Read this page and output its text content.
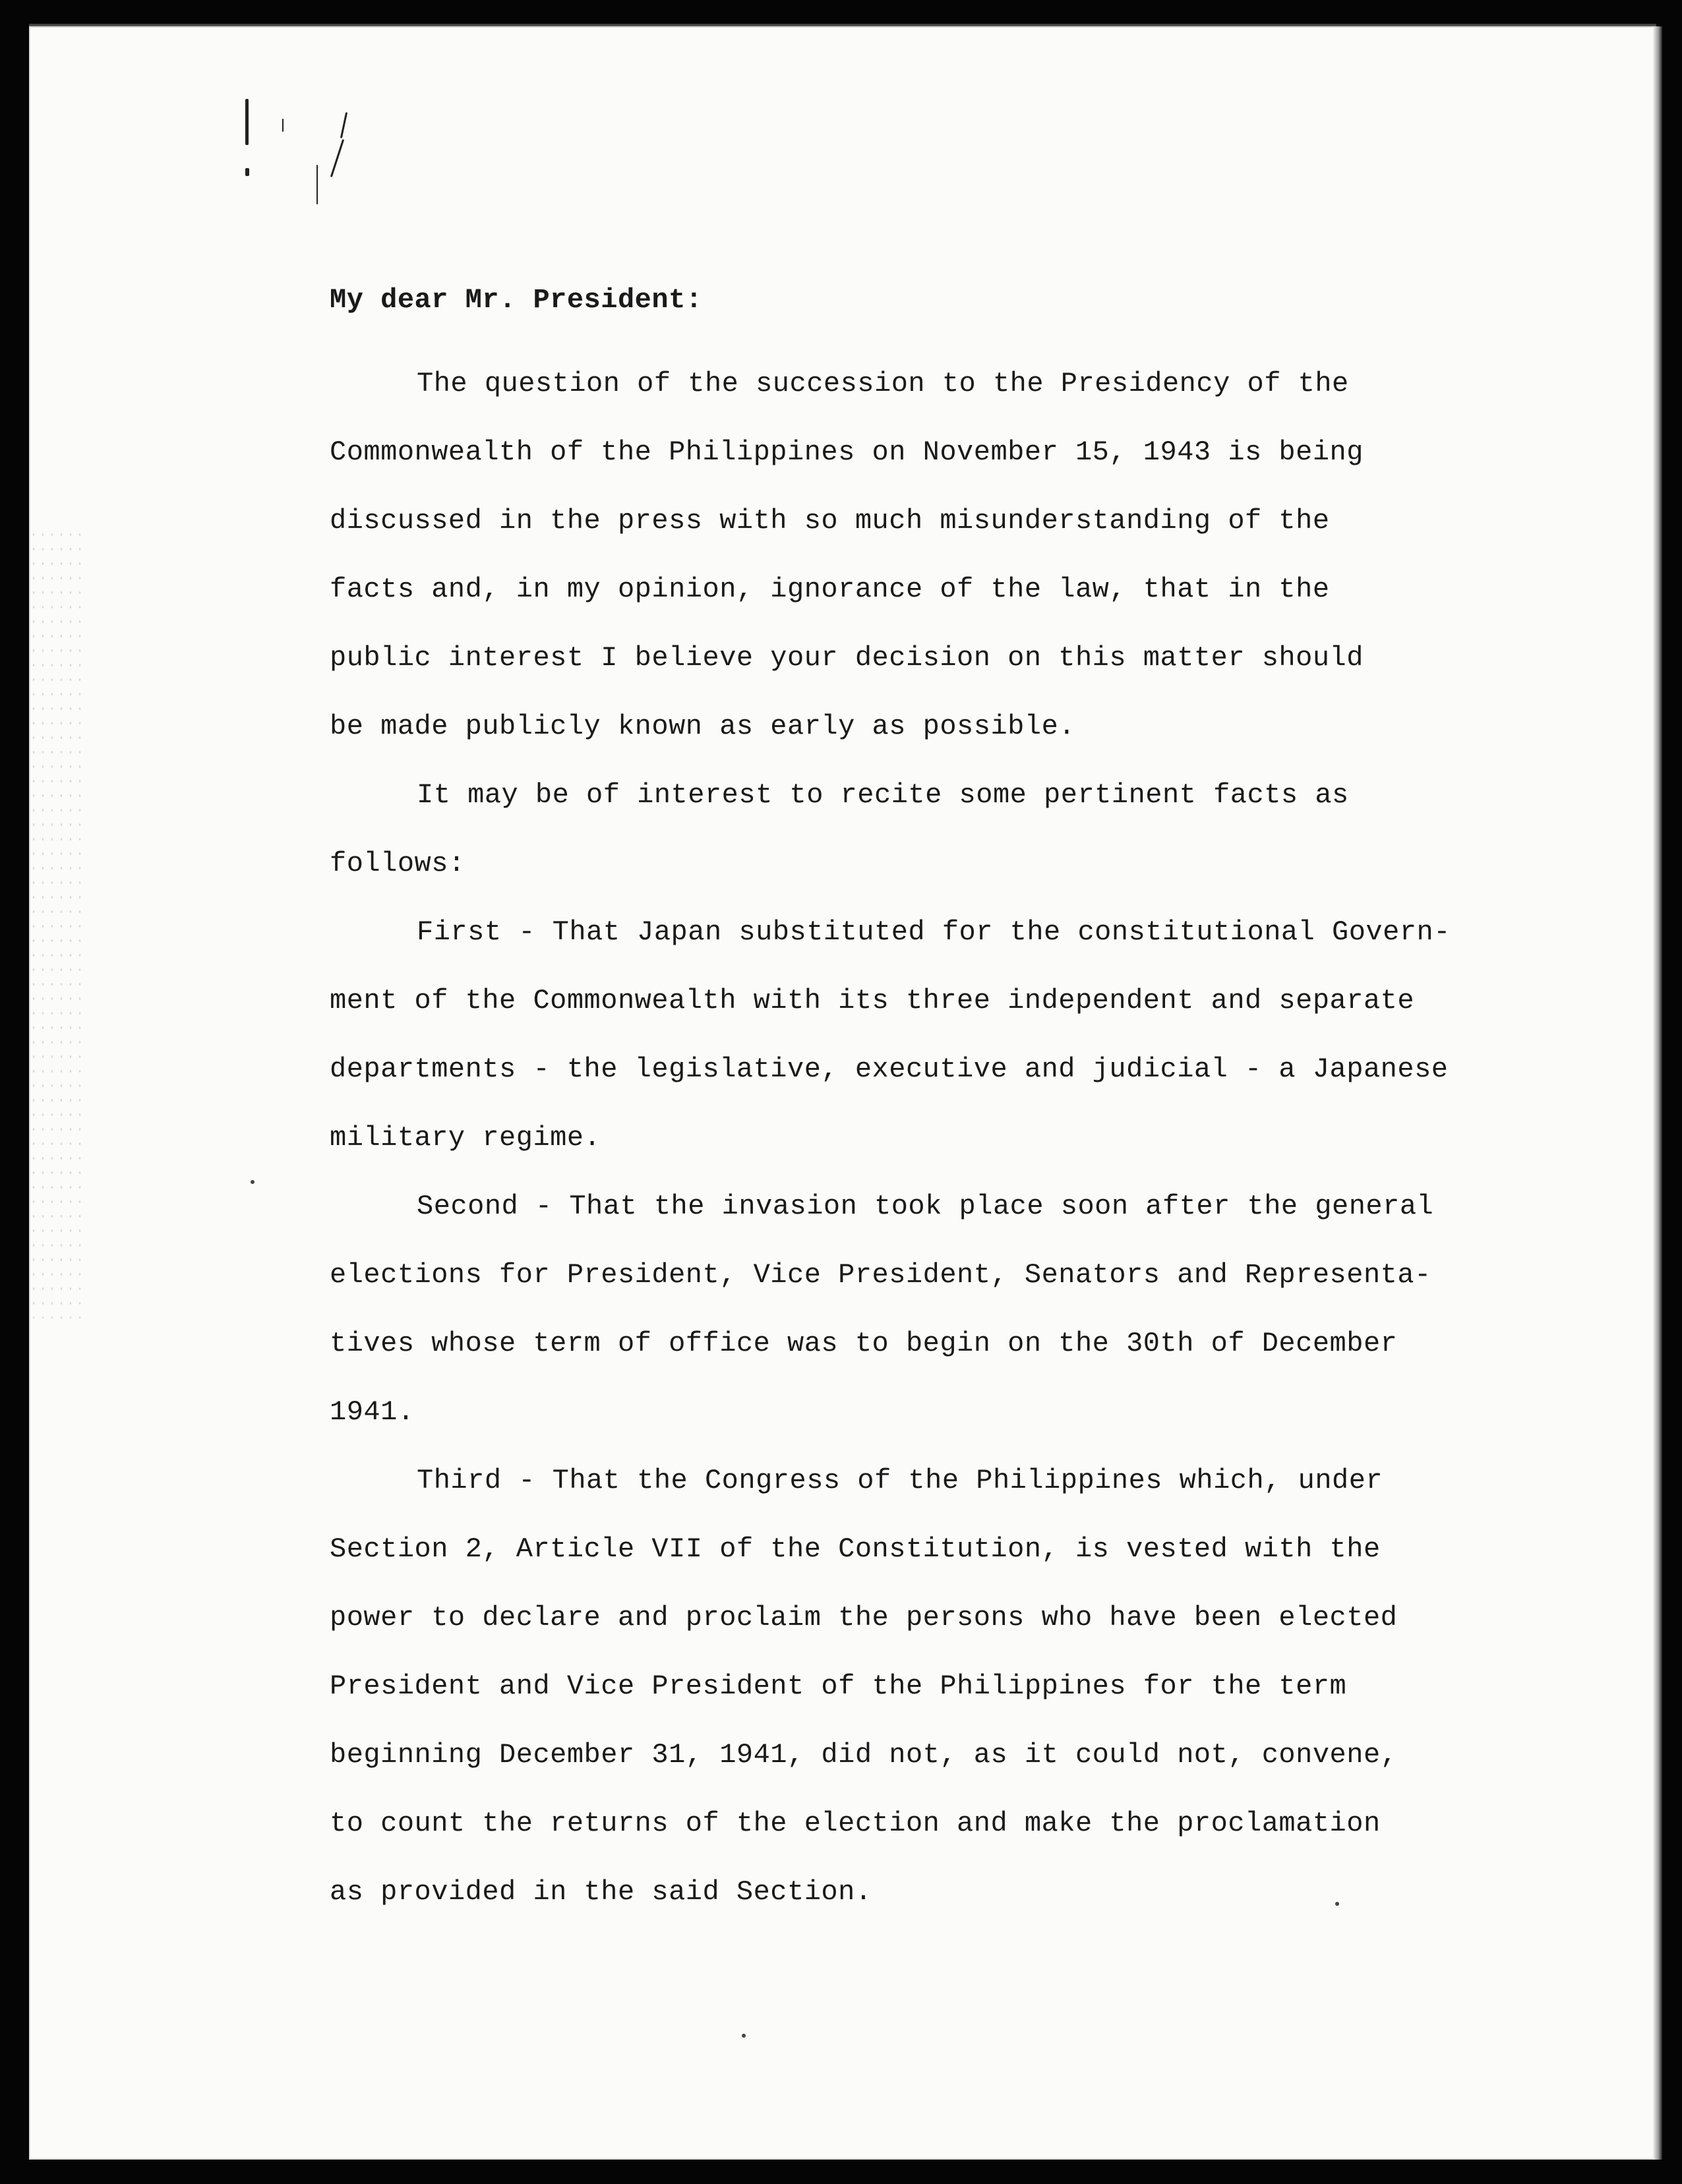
My dear Mr. President:
The question of the succession to the Presidency of the
Commonwealth of the Philippines on November 15, 1943 is being
discussed in the press with so much misunderstanding of the
facts and, in my opinion, ignorance of the law, that in the
public interest I believe your decision on this matter should
be made publicly known as early as possible.
It may be of interest to recite some pertinent facts as
follows:
First - That Japan substituted for the constitutional Govern-
ment of the Commonwealth with its three independent and separate
departments - the legislative, executive and judicial - a Japanese
military regime.
Second - That the invasion took place soon after the general
elections for President, Vice President, Senators and Representa-
tives whose term of office was to begin on the 30th of December
1941.
Third - That the Congress of the Philippines which, under
Section 2, Article VII of the Constitution, is vested with the
power to declare and proclaim the persons who have been elected
President and Vice President of the Philippines for the term
beginning December 31, 1941, did not, as it could not, convene,
to count the returns of the election and make the proclamation
as provided in the said Section.
